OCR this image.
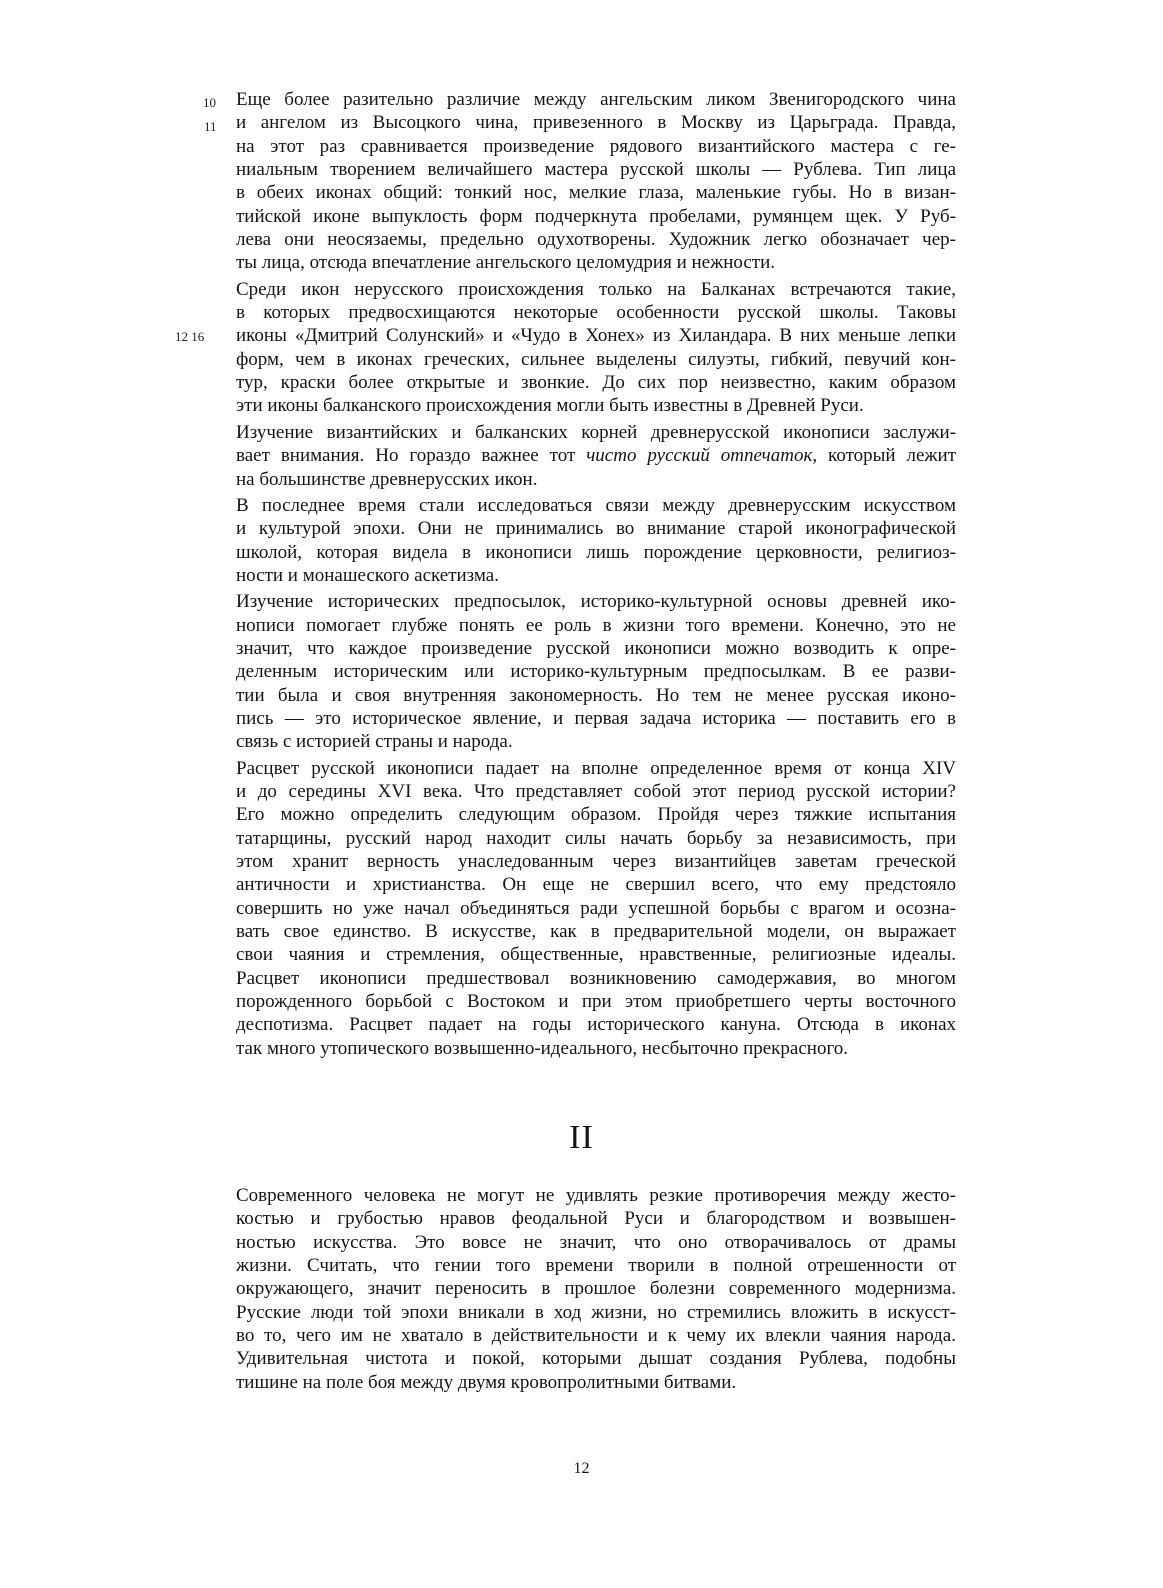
10
11
12 16
Еще более разительно различие между ангельским ликом Звенигородского чина
и ангелом из Высоцкого чина, привезенного в Москву из Царьграда. Правда,
на этот раз сравнивается произведение рядового византийского мастера с ге-
ниальным творением величайшего мастера русской школы — Рублева. Тип лица
в обеих иконах общий: тонкий нос, мелкие глаза, маленькие губы. Но в визан-
тийской иконе выпуклость форм подчеркнута пробелами, румянцем щек. У Руб-
лева они неосязаемы, предельно одухотворены. Художник легко обозначает чер-
ты лица, отсюда впечатление ангельского целомудрия и нежности.
Среди икон нерусского происхождения только на Балканах встречаются такие,
в которых предвосхищаются некоторые особенности русской школы. Таковы
иконы «Дмитрий Солунский» и «Чудо в Хонех» из Хиландара. В них меньше лепки
форм, чем в иконах греческих, сильнее выделены силуэты, гибкий, певучий кон-
тур, краски более открытые и звонкие. До сих пор неизвестно, каким образом
эти иконы балканского происхождения могли быть известны в Древней Руси.
Изучение византийских и балканских корней древнерусской иконописи заслужи-
вает внимания. Но гораздо важнее тот чисто русский отпечаток, который лежит
на большинстве древнерусских икон.
В последнее время стали исследоваться связи между древнерусским искусством
и культурой эпохи. Они не принимались во внимание старой иконографической
школой, которая видела в иконописи лишь порождение церковности, религиоз-
ности и монашеского аскетизма.
Изучение исторических предпосылок, историко-культурной основы древней ико-
нописи помогает глубже понять ее роль в жизни того времени. Конечно, это не
значит, что каждое произведение русской иконописи можно возводить к опре-
деленным историческим или историко-культурным предпосылкам. В ее разви-
тии была и своя внутренняя закономерность. Но тем не менее русская иконо-
пись — это историческое явление, и первая задача историка — поставить его в
связь с историей страны и народа.
Расцвет русской иконописи падает на вполне определенное время от конца XIV
и до середины XVI века. Что представляет собой этот период русской истории?
Его можно определить следующим образом. Пройдя через тяжкие испытания
татарщины, русский народ находит силы начать борьбу за независимость, при
этом хранит верность унаследованным через византийцев заветам греческой
античности и христианства. Он еще не свершил всего, что ему предстояло
совершить но уже начал объединяться ради успешной борьбы с врагом и осозна-
вать свое единство. В искусстве, как в предварительной модели, он выражает
свои чаяния и стремления, общественные, нравственные, религиозные идеалы.
Расцвет иконописи предшествовал возникновению самодержавия, во многом
порожденного борьбой с Востоком и при этом приобретшего черты восточного
деспотизма. Расцвет падает на годы исторического кануна. Отсюда в иконах
так много утопического возвышенно-идеального, несбыточно прекрасного.
II
Современного человека не могут не удивлять резкие противоречия между жесто-
костью и грубостью нравов феодальной Руси и благородством и возвышен-
ностью искусства. Это вовсе не значит, что оно отворачивалось от драмы
жизни. Считать, что гении того времени творили в полной отрешенности от
окружающего, значит переносить в прошлое болезни современного модернизма.
Русские люди той эпохи вникали в ход жизни, но стремились вложить в искусст-
во то, чего им не хватало в действительности и к чему их влекли чаяния народа.
Удивительная чистота и покой, которыми дышат создания Рублева, подобны
тишине на поле боя между двумя кровопролитными битвами.
12
